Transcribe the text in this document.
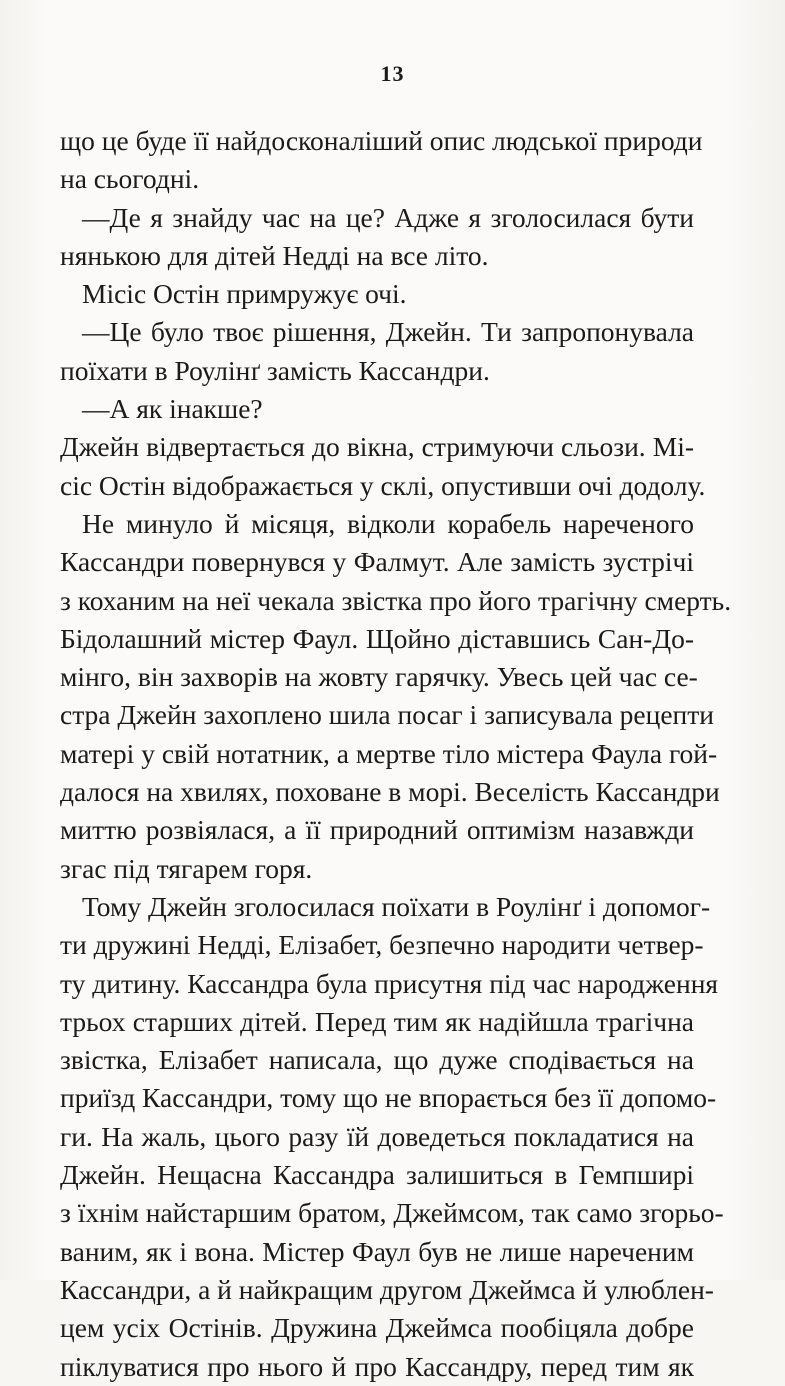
13
що це буде її найдосконаліший опис людської природи
на сьогодні.
—Де я знайду час на це? Адже я зголосилася бути
нянькою для дітей Недді на все літо.
Місіс Остін примружує очі.
—Це було твоє рішення, Джейн. Ти запропонувала
поїхати в Роулінґ замість Кассандри.
—А як інакше?
Джейн відвертається до вікна, стримуючи сльози. Мі-
сіс Остін відображається у склі, опустивши очі додолу.
Не минуло й місяця, відколи корабель нареченого
Кассандри повернувся у Фалмут. Але замість зустрічі
з коханим на неї чекала звістка про його трагічну смерть.
Бідолашний містер Фаул. Щойно діставшись Сан-До-
мінго, він захворів на жовту гарячку. Увесь цей час се-
стра Джейн захоплено шила посаг і записувала рецепти
матері у свій нотатник, а мертве тіло містера Фаула гой-
далося на хвилях, поховане в морі. Веселість Кассандри
миттю розвіялася, а її природний оптимізм назавжди
згас під тягарем горя.
Тому Джейн зголосилася поїхати в Роулінґ і допомог-
ти дружині Недді, Елізабет, безпечно народити четвер-
ту дитину. Кассандра була присутня під час народження
трьох старших дітей. Перед тим як надійшла трагічна
звістка, Елізабет написала, що дуже сподівається на
приїзд Кассандри, тому що не впорається без її допомо-
ги. На жаль, цього разу їй доведеться покладатися на
Джейн. Нещасна Кассандра залишиться в Гемпширі
з їхнім найстаршим братом, Джеймсом, так само згорьо-
ваним, як і вона. Містер Фаул був не лише нареченим
Кассандри, а й найкращим другом Джеймса й улюблен-
цем усіх Остінів. Дружина Джеймса пообіцяла добре
піклуватися про нього й про Кассандру, перед тим як
